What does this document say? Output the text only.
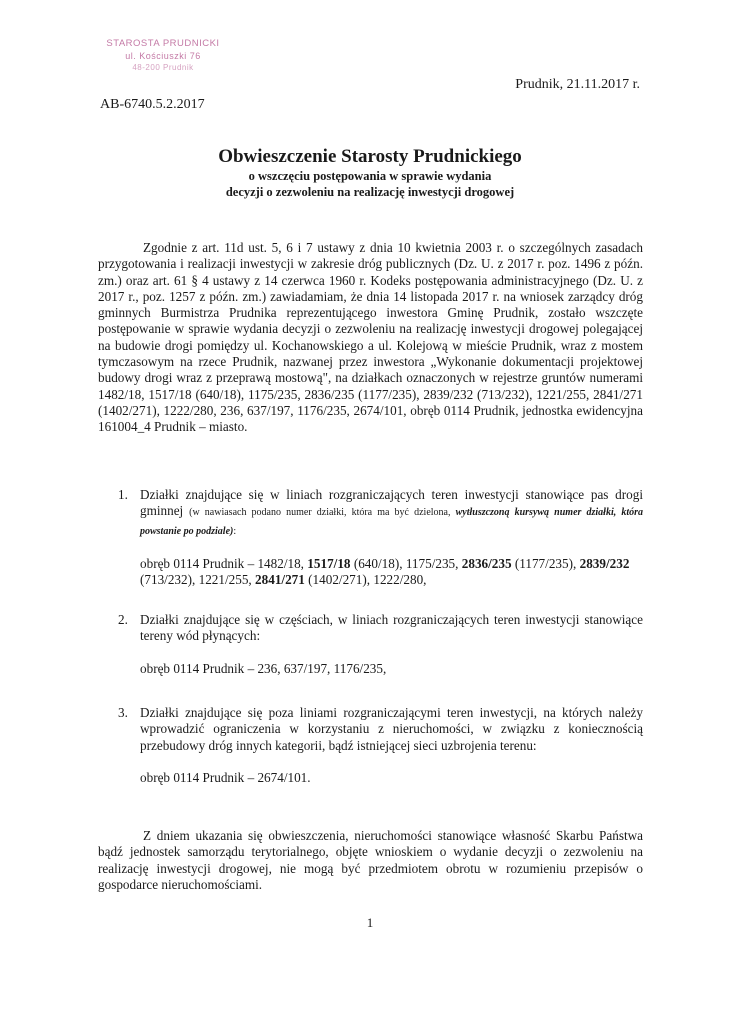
STAROSTA PRUDNICKI
ul. Kościuszki 76
48-200 Prudnik
Prudnik, 21.11.2017 r.
AB-6740.5.2.2017
Obwieszczenie Starosty Prudnickiego
o wszczęciu postępowania w sprawie wydania
decyzji o zezwoleniu na realizację inwestycji drogowej
Zgodnie z art. 11d ust. 5, 6 i 7 ustawy z dnia 10 kwietnia 2003 r. o szczególnych zasadach przygotowania i realizacji inwestycji w zakresie dróg publicznych (Dz. U. z 2017 r. poz. 1496 z późn. zm.) oraz art. 61 § 4 ustawy z 14 czerwca 1960 r. Kodeks postępowania administracyjnego (Dz. U. z 2017 r., poz. 1257 z późn. zm.) zawiadamiam, że dnia 14 listopada 2017 r. na wniosek zarządcy dróg gminnych Burmistrza Prudnika reprezentującego inwestora Gminę Prudnik, zostało wszczęte postępowanie w sprawie wydania decyzji o zezwoleniu na realizację inwestycji drogowej polegającej na budowie drogi pomiędzy ul. Kochanowskiego a ul. Kolejową w mieście Prudnik, wraz z mostem tymczasowym na rzece Prudnik, nazwanej przez inwestora „Wykonanie dokumentacji projektowej budowy drogi wraz z przeprawą mostową", na działkach oznaczonych w rejestrze gruntów numerami 1482/18, 1517/18 (640/18), 1175/235, 2836/235 (1177/235), 2839/232 (713/232), 1221/255, 2841/271 (1402/271), 1222/280, 236, 637/197, 1176/235, 2674/101, obręb 0114 Prudnik, jednostka ewidencyjna 161004_4 Prudnik – miasto.
1. Działki znajdujące się w liniach rozgraniczających teren inwestycji stanowiące pas drogi gminnej (w nawiasach podano numer działki, która ma być dzielona, wytłuszczoną kursywą numer działki, która powstanie po podziale):
obręb 0114 Prudnik – 1482/18, 1517/18 (640/18), 1175/235, 2836/235 (1177/235), 2839/232 (713/232), 1221/255, 2841/271 (1402/271), 1222/280,
2. Działki znajdujące się w częściach, w liniach rozgraniczających teren inwestycji stanowiące tereny wód płynących:
obręb 0114 Prudnik – 236, 637/197, 1176/235,
3. Działki znajdujące się poza liniami rozgraniczającymi teren inwestycji, na których należy wprowadzić ograniczenia w korzystaniu z nieruchomości, w związku z koniecznością przebudowy dróg innych kategorii, bądź istniejącej sieci uzbrojenia terenu:
obręb 0114 Prudnik – 2674/101.
Z dniem ukazania się obwieszczenia, nieruchomości stanowiące własność Skarbu Państwa bądź jednostek samorządu terytorialnego, objęte wnioskiem o wydanie decyzji o zezwoleniu na realizację inwestycji drogowej, nie mogą być przedmiotem obrotu w rozumieniu przepisów o gospodarce nieruchomościami.
1
